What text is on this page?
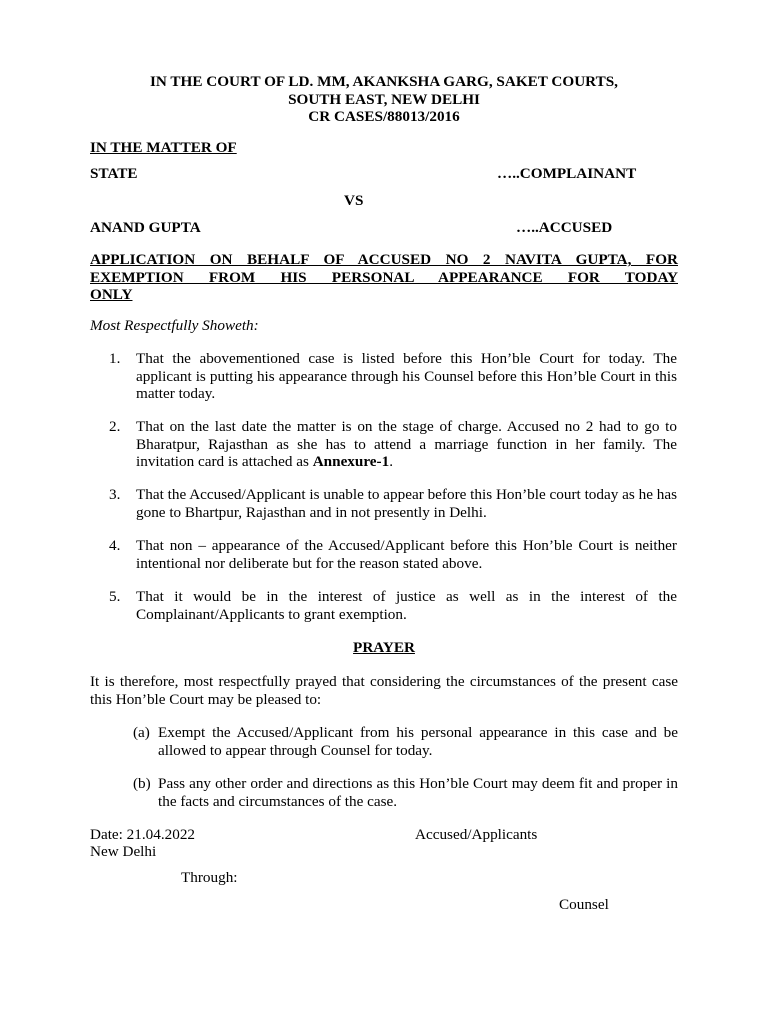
IN THE COURT OF LD. MM, AKANKSHA GARG, SAKET COURTS,
SOUTH EAST, NEW DELHI
CR CASES/88013/2016
IN THE MATTER OF
STATE	…..COMPLAINANT
VS
ANAND GUPTA	…..ACCUSED
APPLICATION ON BEHALF OF ACCUSED NO 2 NAVITA GUPTA, FOR
EXEMPTION FROM HIS PERSONAL APPEARANCE FOR TODAY
ONLY
Most Respectfully Showeth:
1. That the abovementioned case is listed before this Hon’ble Court for today. The applicant is putting his appearance through his Counsel before this Hon’ble Court in this matter today.
2. That on the last date the matter is on the stage of charge. Accused no 2 had to go to Bharatpur, Rajasthan as she has to attend a marriage function in her family. The invitation card is attached as Annexure-1.
3. That the Accused/Applicant is unable to appear before this Hon’ble court today as he has gone to Bhartpur, Rajasthan and in not presently in Delhi.
4. That non – appearance of the Accused/Applicant before this Hon’ble Court is neither intentional nor deliberate but for the reason stated above.
5. That it would be in the interest of justice as well as in the interest of the Complainant/Applicants to grant exemption.
PRAYER
It is therefore, most respectfully prayed that considering the circumstances of the present case this Hon’ble Court may be pleased to:
(a) Exempt the Accused/Applicant from his personal appearance in this case and be allowed to appear through Counsel for today.
(b) Pass any other order and directions as this Hon’ble Court may deem fit and proper in the facts and circumstances of the case.
Date: 21.04.2022
New Delhi
Accused/Applicants
Through:
Counsel
